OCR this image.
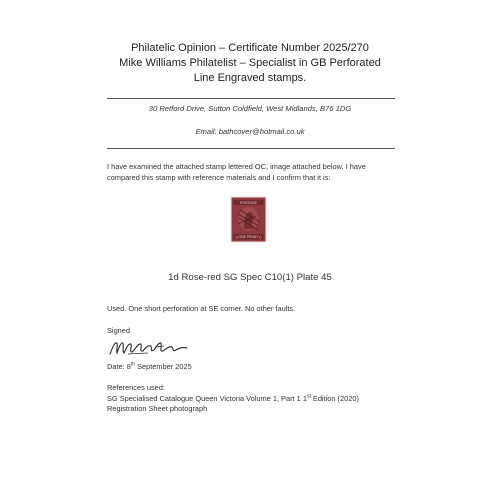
Philatelic Opinion – Certificate Number 2025/270
Mike Williams Philatelist – Specialist in GB Perforated
Line Engraved stamps.
30 Retford Drive, Sutton Coldfield, West Midlands, B76 1DG
Email: bathcover@hotmail.co.uk
I have examined the attached stamp lettered OC, image attached below. I have compared this stamp with reference materials and I confirm that it is:
POSTAGE
ONE PENNY
O	C
1d Rose-red SG Spec C10(1) Plate 45
Used. One short perforation at SE corner. No other faults.
Signed
Date: 8th September 2025
References used:
SG Specialised Catalogue Queen Victoria Volume 1, Part 1 1st Edition (2020)
Registration Sheet photograph
